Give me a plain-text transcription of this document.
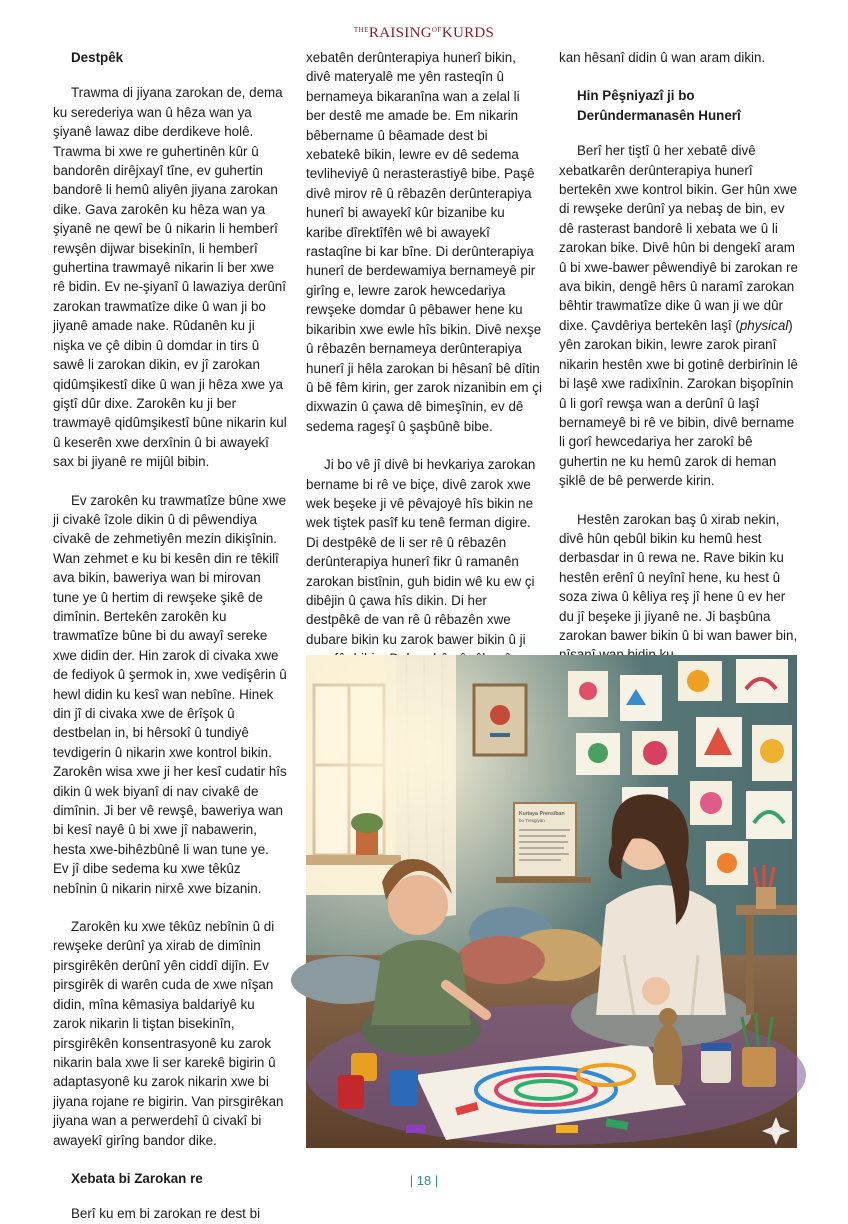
$^{THE}RAISING^{OF}KURDS$
Destpêk

Trawma di jiyana zarokan de, dema ku serederiya wan û hêza wan ya şiyanê lawaz dibe derdikeve holê. Trawma bi xwe re guhertinên kûr û bandorên dirêjxayî tîne, ev guhertin bandorê li hemû aliyên jiyana zarokan dike. Gava zarokên ku hêza wan ya şiyanê ne qewî be û nikarin li hemberî rewşên dijwar bisekinîn, li hemberî guhertina trawmayê nikarin li ber xwe rê bidin. Ev ne-şiyanî û lawaziya derûnî zarokan trawmatîze dike û wan ji bo jiyanê amade nake. Rûdanên ku ji nişka ve çê dibin û domdar in tirs û sawê li zarokan dikin, ev jî zarokan qidûmşikestî dike û wan ji hêza xwe ya giştî dûr dixe. Zarokên ku ji ber trawmayê qidûmşikestî bûne nikarin kul û keserên xwe derxînin û bi awayekî sax bi jiyanê re mijûl bibin.

Ev zarokên ku trawmatîze bûne xwe ji civakê îzole dikin û di pêwendiya civakê de zehmetiyên mezin dikişînin. Wan zehmet e ku bi kesên din re têkilî ava bikin, baweriya wan bi mirovan tune ye û hertim di rewşeke şikê de dimînin. Bertekên zarokên ku trawmatîze bûne bi du awayî sereke xwe didin der. Hin zarok di civaka xwe de fediyok û şermok in, xwe vedişêrin û hewl didin ku kesî wan nebîne. Hinek din jî di civaka xwe de êrîşok û destbelan in, bi hêrsokî û tundiyê tevdigerin û nikarin xwe kontrol bikin. Zarokên wisa xwe ji her kesî cudatir hîs dikin û wek biyanî di nav civakê de dimînin. Ji ber vê rewşê, baweriya wan bi kesî nayê û bi xwe jî nabawerin, hesta xwe-bihêzbûnê li wan tune ye. Ev jî dibe sedema ku xwe têkûz nebînin û nikarin nirxê xwe bizanin.

Zarokên ku xwe têkûz nebînin û di rewşeke derûnî ya xirab de dimînin pirsgirêkên derûnî yên ciddî dijîn. Ev pirsgirêk di warên cuda de xwe nîşan didin, mîna kêmasiya baldariyê ku zarok nikarin li tiştan bisekinîn, pirsgirêkên konsentrasyonê ku zarok nikarin bala xwe li ser karekê bigirin û adaptasyonê ku zarok nikarin xwe bi jiyana rojane re bigirin. Van pirsgirêkan jiyana wan a perwerdehî û civakî bi awayekî girîng bandor dike.

Xebata bi Zarokan re

Berî ku em bi zarokan re dest bi

xebatên derûnterapiya hunerî bikin, divê materyalê me yên rasteqîn û bernameya bikaranîna wan a zelal li ber destê me amade be. Em nikarin bêbername û bêamade dest bi xebatekê bikin, lewre ev dê sedema tevliheviyê û nerasterastiyê bibe. Paşê divê mirov rê û rêbazên derûnterapiya hunerî bi awayekî kûr bizanibe ku karibe dîrektîfên wê bi awayekî rastaqîne bi kar bîne. Di derûnterapiya hunerî de berdewamiya bernameyê pir girîng e, lewre zarok hewcedariya rewşeke domdar û pêbawer hene ku bikaribin xwe ewle hîs bikin. Divê nexşe û rêbazên bernameya derûnterapiya hunerî ji hêla zarokan bi hêsanî bê dîtin û bê fêm kirin, ger zarok nizanibin em çi dixwazin û çawa dê bimeşînin, ev dê sedema rageşî û şaşbûnê bibe.

Ji bo vê jî divê bi hevkariya zarokan bername bi rê ve biçe, divê zarok xwe wek beşeke ji vê pêvajoyê hîs bikin ne wek tiştek pasîf ku tenê ferman digire. Di destpêkê de li ser rê û rêbazên derûnterapiya hunerî fikr û ramanên zarokan bistînin, guh bidin wê ku ew çi dibêjin û çawa hîs dikin. Di her destpêkê de van rê û rêbazên xwe dubare bikin ku zarok bawer bikin û ji

kan hêsanî didin û wan aram dikin.

Hin Pêşniyazî ji bo Derûndermanasên Hunerî

Berî her tiştî û her xebatê divê xebatkarên derûnterapiya hunerî bertekên xwe kontrol bikin. Ger hûn xwe di rewşeke derûnî ya nebaş de bin, ev dê rasterast bandorê li xebata we û li zarokan bike. Divê hûn bi dengekî aram û bi xwe-bawer pêwendiyê bi zarokan re ava bikin, dengê hêrs û naramî zarokan bêhtir trawmatîze dike û wan ji we dûr dixe. Çavdêriya bertekên laşî (physical) yên zarokan bikin, lewre zarok piranî nikarin hestên xwe bi gotinê derbirînin lê bi laşê xwe radixînin. Zarokan bişopînin û li gorî rewşa wan a derûnî û laşî bernameyê bi rê ve bibin, divê bername li gorî hewcedariya her zarokî bê guhertin ne ku hemû zarok di heman şiklê de bê perwerde kirin.

Hestên zarokan baş û xirab nekin, divê hûn qebûl bikin ku hemû hest derbasdar in û rewa ne. Rave bikin ku hestên erênî û neyînî hene, ku hest û soza ziwa û kêliya reş jî hene û ev her du jî beşeke ji jiyanê ne. Ji başbûna zarokan bawer bikin û bi wan bawer bin,

Kurtaya Prensîban
bo Tresgiyan
| 18 |
